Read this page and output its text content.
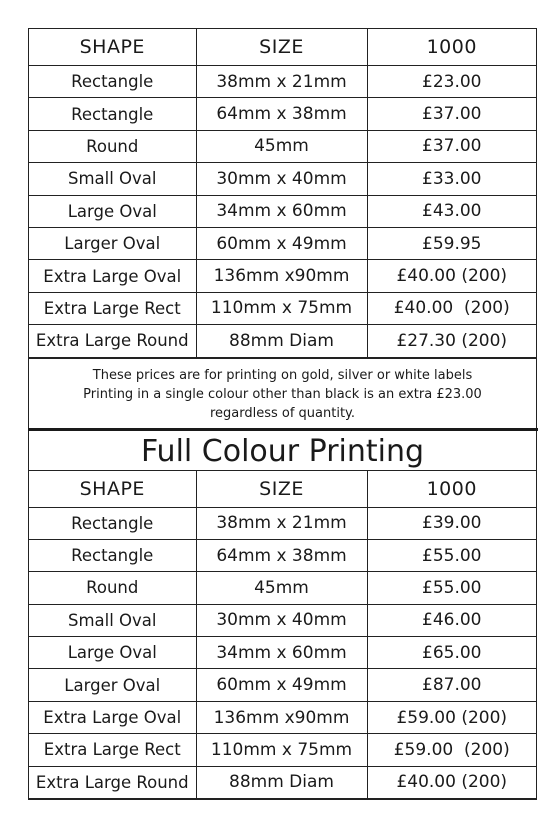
SHAPE	SIZE	1000
Rectangle	38mm x 21mm	£23.00
Rectangle	64mm x 38mm	£37.00
Round	45mm	£37.00
Small Oval	30mm x 40mm	£33.00
Large Oval	34mm x 60mm	£43.00
Larger Oval	60mm x 49mm	£59.95
Extra Large Oval	136mm x90mm	£40.00 (200)
Extra Large Rect	110mm x 75mm	£40.00  (200)
Extra Large Round	88mm Diam	£27.30 (200)
These prices are for printing on gold, silver or white labels
Printing in a single colour other than black is an extra £23.00
regardless of quantity.
Full Colour Printing
SHAPE	SIZE	1000
Rectangle	38mm x 21mm	£39.00
Rectangle	64mm x 38mm	£55.00
Round	45mm	£55.00
Small Oval	30mm x 40mm	£46.00
Large Oval	34mm x 60mm	£65.00
Larger Oval	60mm x 49mm	£87.00
Extra Large Oval	136mm x90mm	£59.00 (200)
Extra Large Rect	110mm x 75mm	£59.00  (200)
Extra Large Round	88mm Diam	£40.00 (200)
